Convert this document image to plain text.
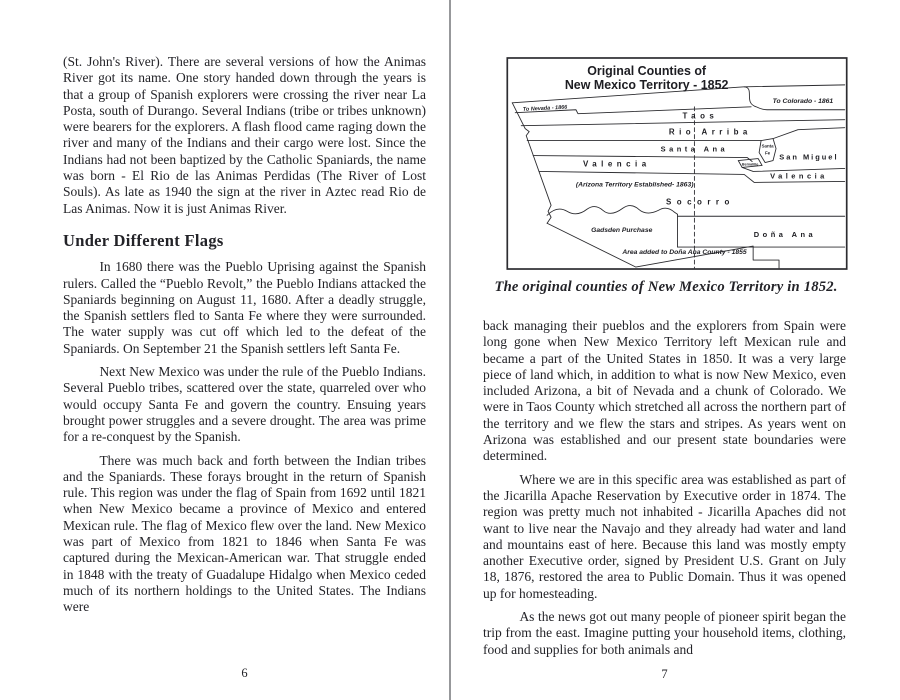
(St. John's River). There are several versions of how the Animas River got its name. One story handed down through the years is that a group of Spanish explorers were crossing the river near La Posta, south of Durango. Several Indians (tribe or tribes unknown) were bearers for the explorers. A flash flood came raging down the river and many of the Indians and their cargo were lost. Since the Indians had not been baptized by the Catholic Spaniards, the name was born - El Rio de las Animas Perdidas (The River of Lost Souls). As late as 1940 the sign at the river in Aztec read Rio de Las Animas. Now it is just Animas River.

Under Different Flags

In 1680 there was the Pueblo Uprising against the Spanish rulers. Called the “Pueblo Revolt,” the Pueblo Indians attacked the Spaniards beginning on August 11, 1680. After a deadly struggle, the Spanish settlers fled to Santa Fe where they were surrounded. The water supply was cut off which led to the defeat of the Spaniards. On September 21 the Spanish settlers left Santa Fe.

Next New Mexico was under the rule of the Pueblo Indians. Several Pueblo tribes, scattered over the state, quarreled over who would occupy Santa Fe and govern the country. Ensuing years brought power struggles and a severe drought. The area was prime for a re-conquest by the Spanish.

There was much back and forth between the Indian tribes and the Spaniards. These forays brought in the return of Spanish rule. This region was under the flag of Spain from 1692 until 1821 when New Mexico became a province of Mexico and entered Mexican rule. The flag of Mexico flew over the land. New Mexico was part of Mexico from 1821 to 1846 when Santa Fe was captured during the Mexican-American war. That struggle ended in 1848 with the treaty of Guadalupe Hidalgo when Mexico ceded much of its northern holdings to the United States. The Indians were

6
Original Counties of
New Mexico Territory - 1852
To Colorado - 1861
To Nevada - 1866
Taos
Rio Arriba
Santa Ana	Santa
Fe San Miguel
Bernalillo
Valencia
Valencia
(Arizona Territory Established- 1863)
Socorro
Gadsden Purchase	Doña Ana
Area added to Doña Ana County - 1855
The original counties of New Mexico Territory in 1852.

back managing their pueblos and the explorers from Spain were long gone when New Mexico Territory left Mexican rule and became a part of the United States in 1850. It was a very large piece of land which, in addition to what is now New Mexico, even included Arizona, a bit of Nevada and a chunk of Colorado. We were in Taos County which stretched all across the northern part of the territory and we flew the stars and stripes. As years went on Arizona was established and our present state boundaries were determined.

Where we are in this specific area was established as part of the Jicarilla Apache Reservation by Executive order in 1874. The region was pretty much not inhabited - Jicarilla Apaches did not want to live near the Navajo and they already had water and land and mountains east of here. Because this land was mostly empty another Executive order, signed by President U.S. Grant on July 18, 1876, restored the area to Public Domain. Thus it was opened up for homesteading.

As the news got out many people of pioneer spirit began the trip from the east. Imagine putting your household items, clothing, food and supplies for both animals and

7
